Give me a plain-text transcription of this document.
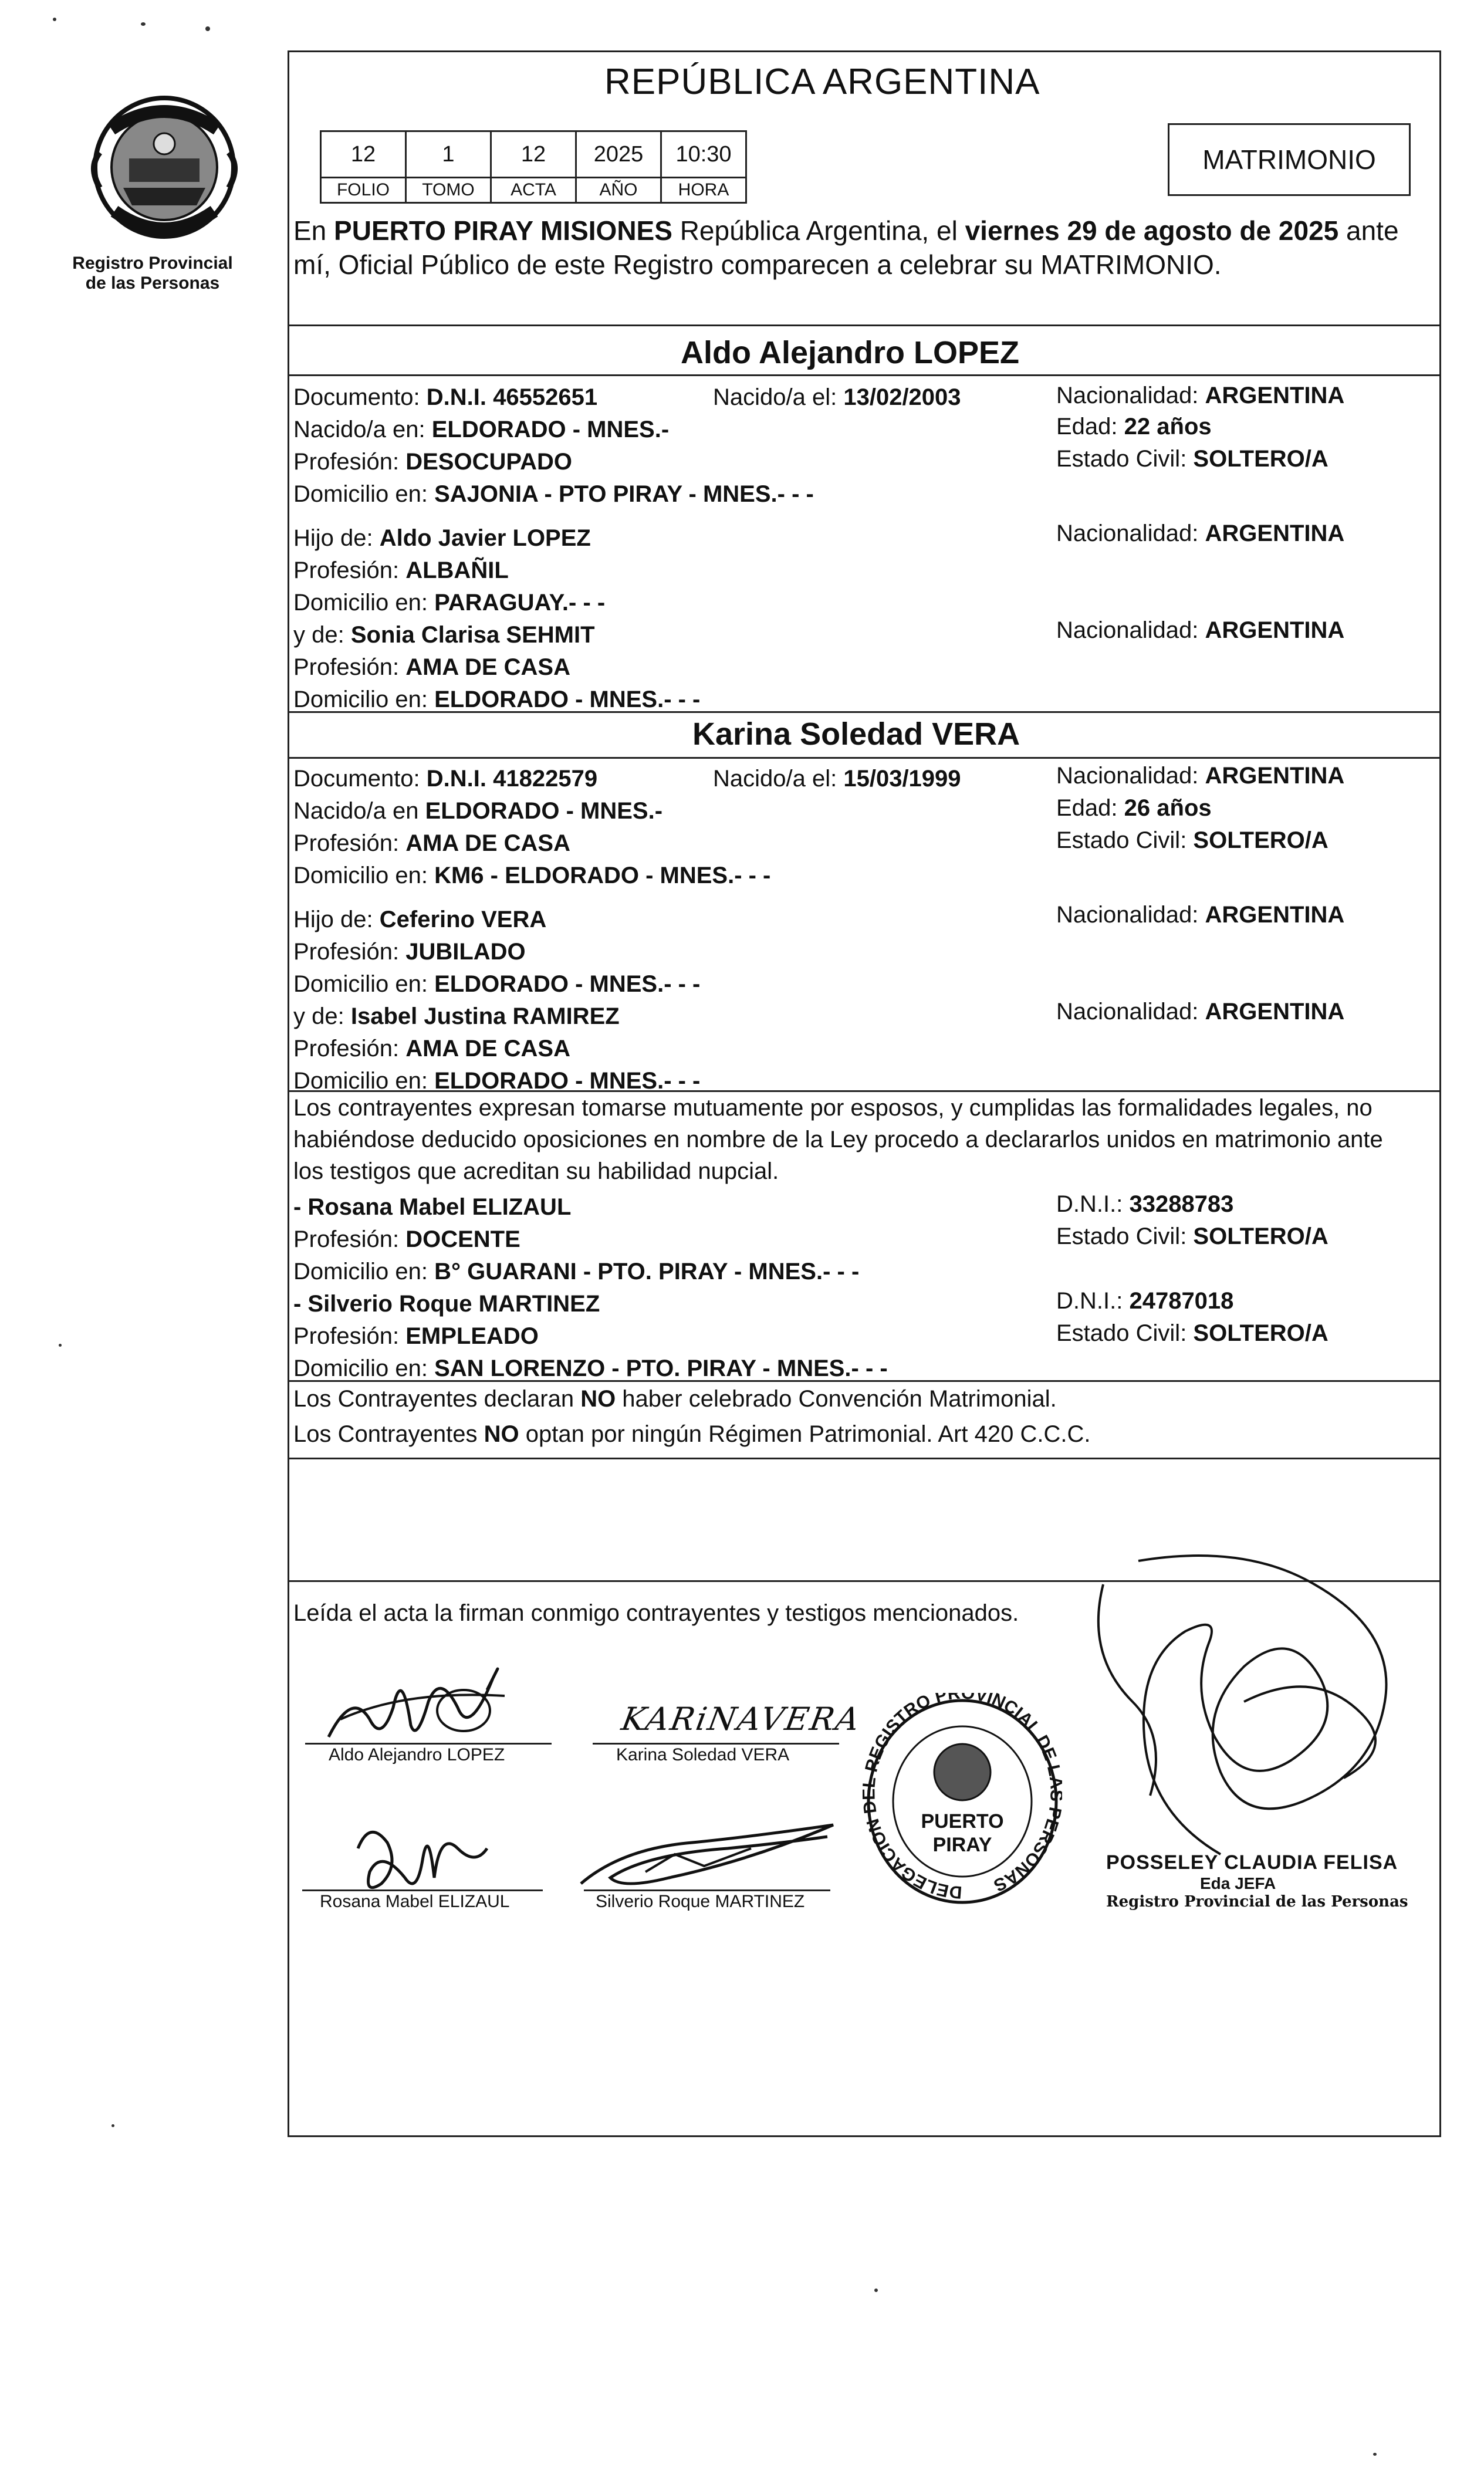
Registro Provincial
de las Personas
REPÚBLICA ARGENTINA
12	1	12	2025	10:30
FOLIO	TOMO	ACTA	AÑO	HORA
MATRIMONIO
En PUERTO PIRAY MISIONES República Argentina, el viernes 29 de agosto de 2025 ante
mí, Oficial Público de este Registro comparecen a celebrar su MATRIMONIO.
Aldo Alejandro LOPEZ
Documento: D.N.I. 46552651	Nacido/a el: 13/02/2003	Nacionalidad: ARGENTINA
Nacido/a en: ELDORADO - MNES.-	Edad: 22 años
Profesión: DESOCUPADO	Estado Civil: SOLTERO/A
Domicilio en: SAJONIA - PTO PIRAY - MNES.- - -
Hijo de: Aldo Javier LOPEZ	Nacionalidad: ARGENTINA
Profesión: ALBAÑIL
Domicilio en: PARAGUAY.- - -
y de: Sonia Clarisa SEHMIT	Nacionalidad: ARGENTINA
Profesión: AMA DE CASA
Domicilio en: ELDORADO - MNES.- - -
Karina Soledad VERA
Documento: D.N.I. 41822579	Nacido/a el: 15/03/1999	Nacionalidad: ARGENTINA
Nacido/a en ELDORADO - MNES.-	Edad: 26 años
Profesión: AMA DE CASA	Estado Civil: SOLTERO/A
Domicilio en: KM6 - ELDORADO - MNES.- - -
Hijo de: Ceferino VERA	Nacionalidad: ARGENTINA
Profesión: JUBILADO
Domicilio en: ELDORADO - MNES.- - -
y de: Isabel Justina RAMIREZ	Nacionalidad: ARGENTINA
Profesión: AMA DE CASA
Domicilio en: ELDORADO - MNES.- - -
Los contrayentes expresan tomarse mutuamente por esposos, y cumplidas las formalidades legales, no
habiéndose deducido oposiciones en nombre de la Ley procedo a declararlos unidos en matrimonio ante
los testigos que acreditan su habilidad nupcial.
- Rosana Mabel ELIZAUL	D.N.I.: 33288783
Profesión: DOCENTE	Estado Civil: SOLTERO/A
Domicilio en: B° GUARANI - PTO. PIRAY - MNES.- - -
- Silverio Roque MARTINEZ	D.N.I.: 24787018
Profesión: EMPLEADO	Estado Civil: SOLTERO/A
Domicilio en: SAN LORENZO - PTO. PIRAY - MNES.- - -
Los Contrayentes declaran NO haber celebrado Convención Matrimonial.
Los Contrayentes NO optan por ningún Régimen Patrimonial. Art 420 C.C.C.
Leída el acta la firman conmigo contrayentes y testigos mencionados.
Aldo Alejandro LOPEZ
KARiNAVERA
Karina Soledad VERA
Rosana Mabel ELIZAUL	Silverio Roque MARTINEZ	DELEGACION REGISTRO PROVINCIAL DE ERSONAS
PUERTO
PIRAY
POSSELEY CLAUDIA FELISA
Eda JEFA
Registro Provincial de las Personas
